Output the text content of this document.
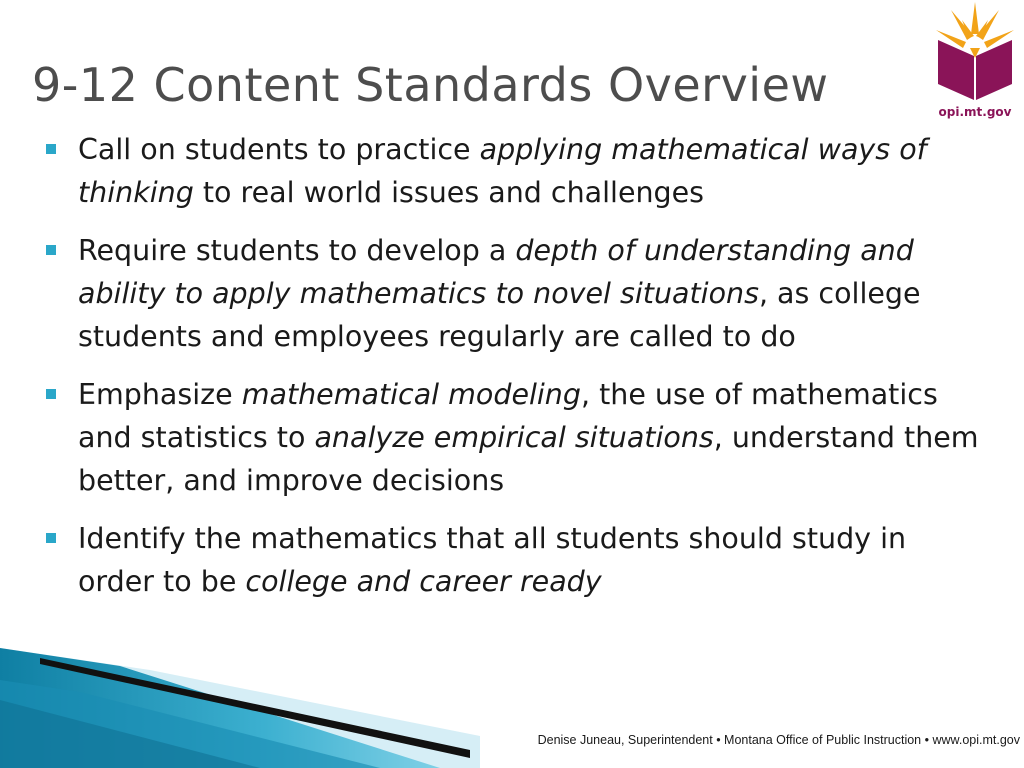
9-12 Content Standards Overview	opi.mt.gov
Call on students to practice applying mathematical ways of thinking to real world issues and challenges
Require students to develop a depth of understanding and ability to apply mathematics to novel situations, as college students and employees regularly are called to do
Emphasize mathematical modeling, the use of mathematics and statistics to analyze empirical situations, understand them better, and improve decisions
Identify the mathematics that all students should study in order to be college and career ready
Denise Juneau, Superintendent • Montana Office of Public Instruction • www.opi.mt.gov
